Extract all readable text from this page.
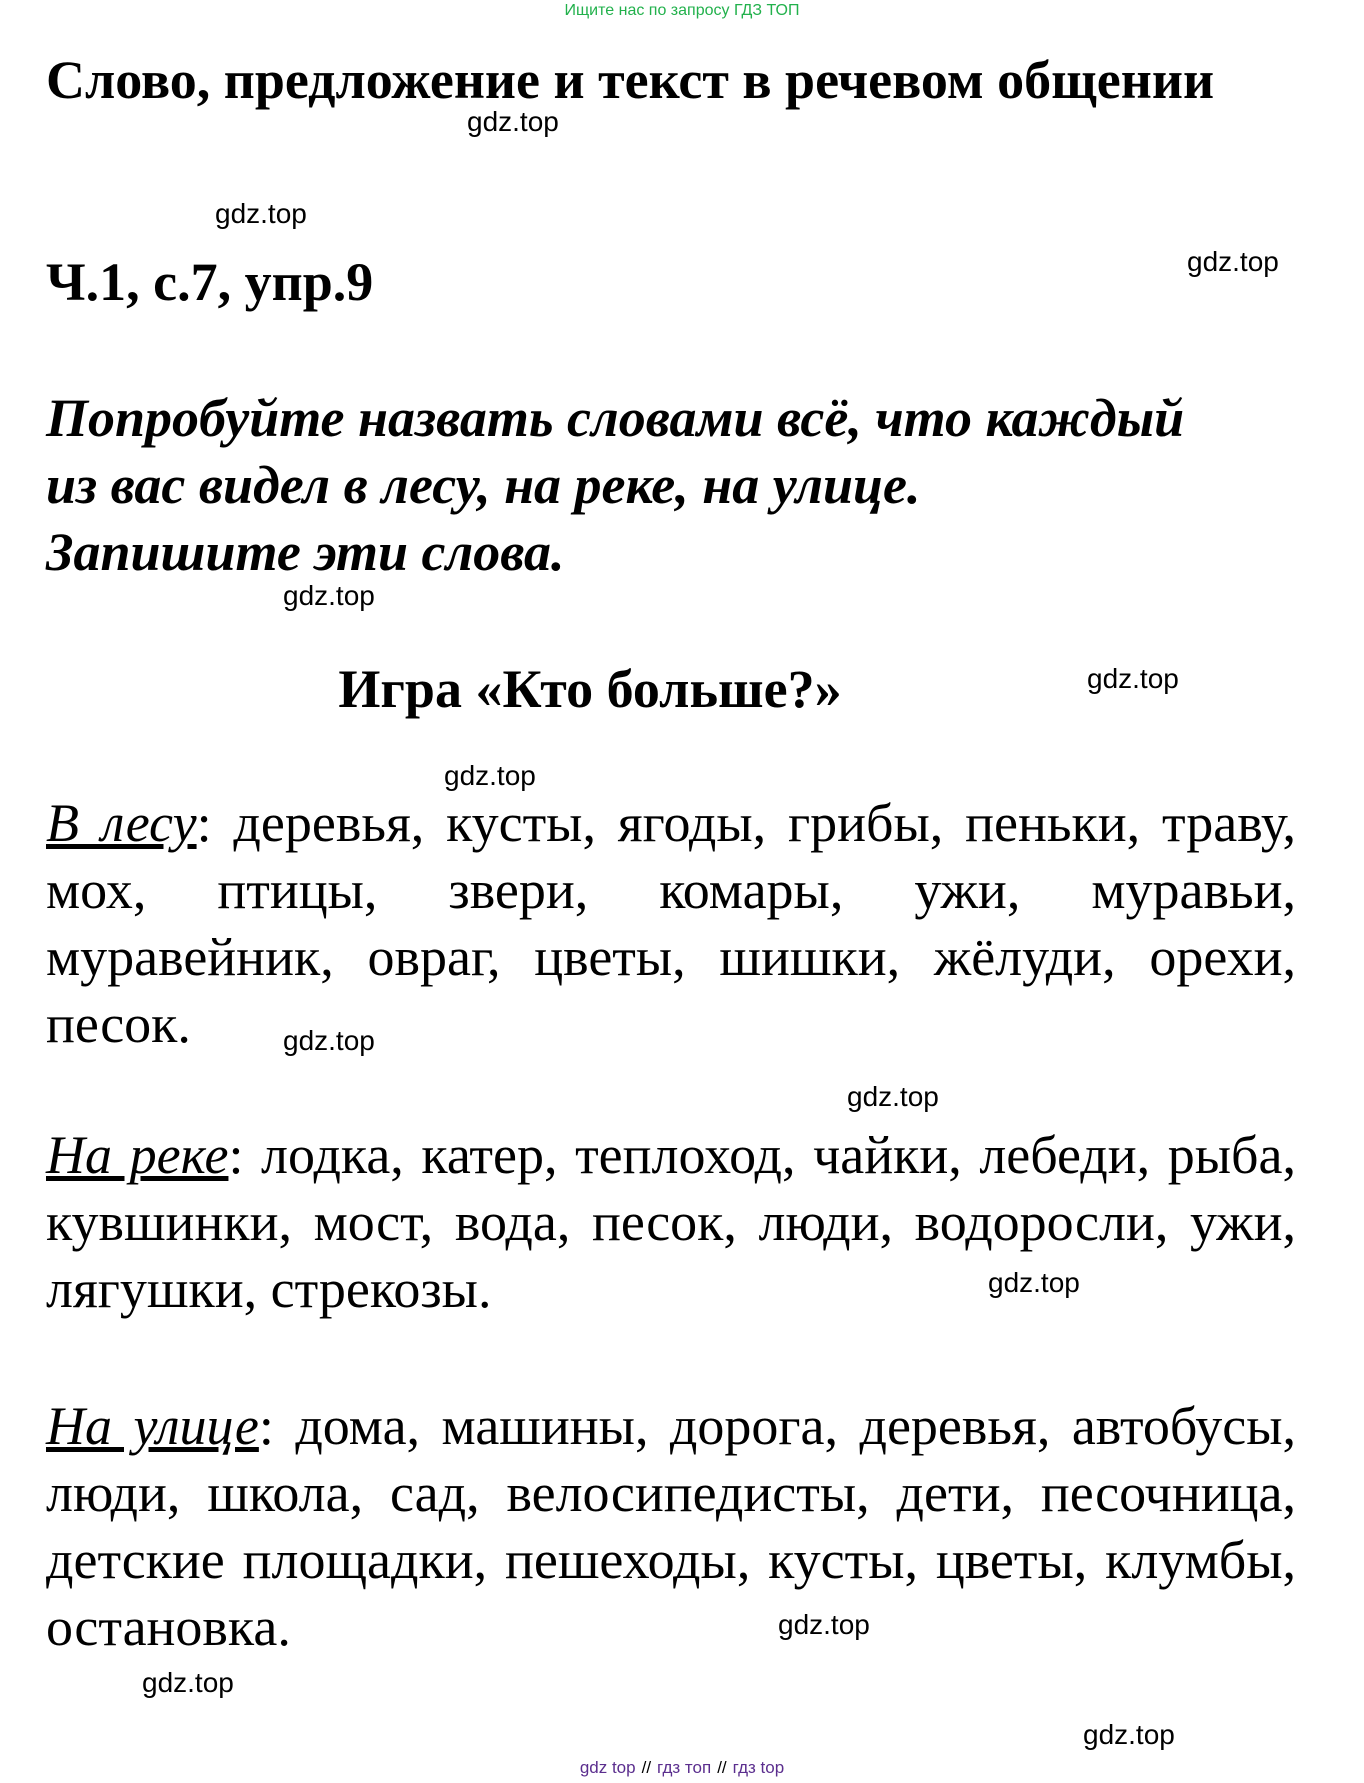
Ищите нас по запросу ГДЗ ТОП
Слово, предложение и текст в речевом общении
Ч.1, с.7, упр.9
Попробуйте назвать словами всё, что каждый
из вас видел в лесу, на реке, на улице.
Запишите эти слова.
Игра «Кто больше?»
В лесу: деревья, кусты, ягоды, грибы, пеньки, траву, мох, птицы, звери, комары, ужи, муравьи, муравейник, овраг, цветы, шишки, жёлуди, орехи, песок.
На реке: лодка, катер, теплоход, чайки, лебеди, рыба, кувшинки, мост, вода, песок, люди, водоросли, ужи, лягушки, стрекозы.
На улице: дома, машины, дорога, деревья, автобусы, люди, школа, сад, велосипедисты, дети, песочница, детские площадки, пешеходы, кусты, цветы, клумбы, остановка.
gdz.top
gdz.top
gdz.top
gdz.top
gdz.top
gdz.top
gdz.top
gdz.top
gdz.top
gdz.top
gdz.top
gdz.top
gdz top // гдз топ // гдз top
